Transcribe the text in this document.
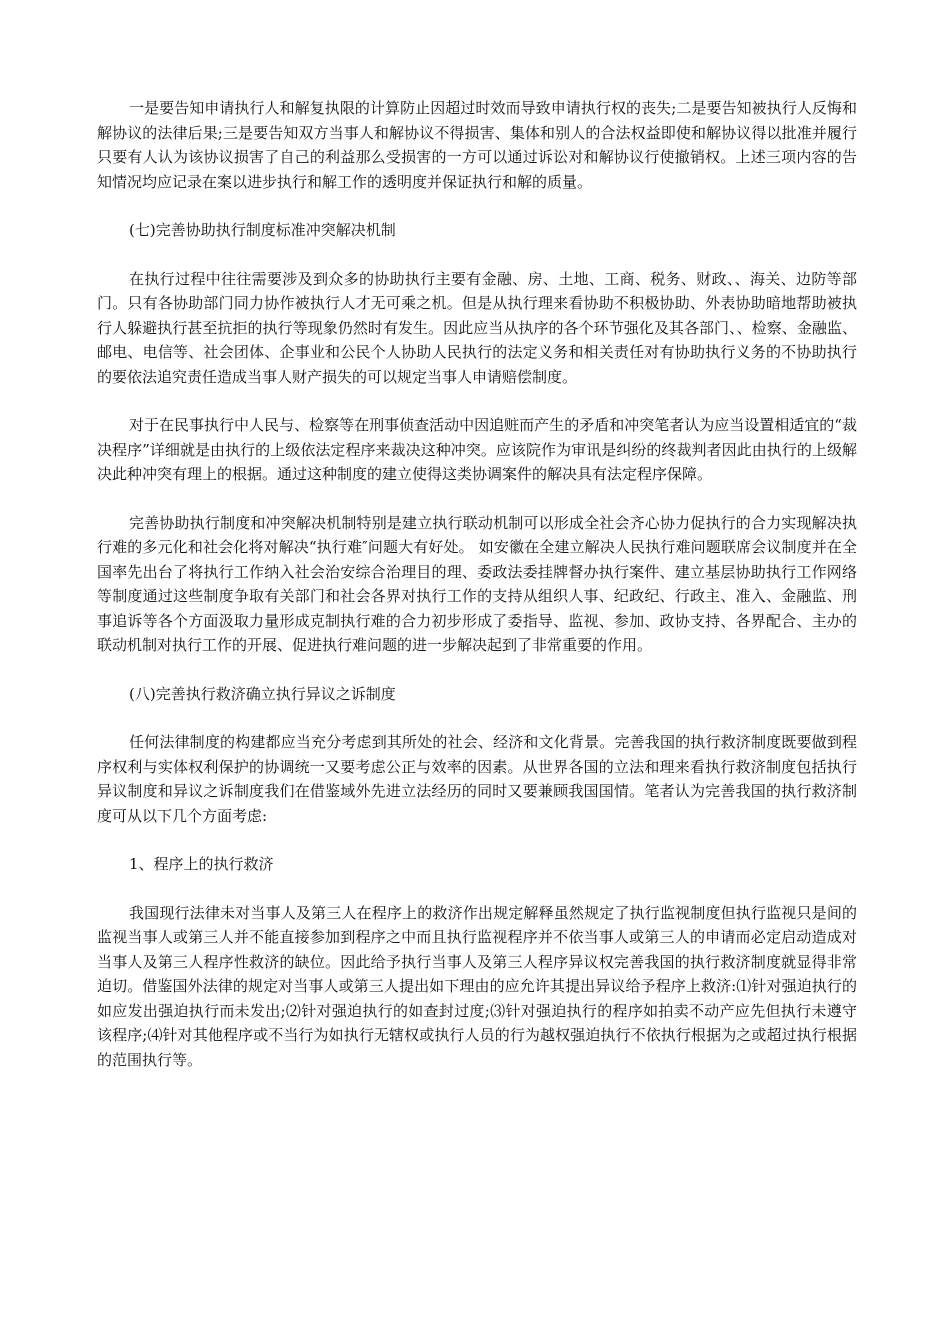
一是要告知申请执行人和解复执限的计算防止因超过时效而导致申请执行权的丧失;二是要告知被执行人反悔和解协议的法律后果;三是要告知双方当事人和解协议不得损害、集体和别人的合法权益即使和解协议得以批准并履行只要有人认为该协议损害了自己的利益那么受损害的一方可以通过诉讼对和解协议行使撤销权。上述三项内容的告知情况均应记录在案以进步执行和解工作的透明度并保证执行和解的质量。

(七)完善协助执行制度标准冲突解决机制

在执行过程中往往需要涉及到众多的协助执行主要有金融、房、土地、工商、税务、财政、、海关、边防等部门。只有各协助部门同力协作被执行人才无可乘之机。但是从执行理来看协助不积极协助、外表协助暗地帮助被执行人躲避执行甚至抗拒的执行等现象仍然时有发生。因此应当从执序的各个环节强化及其各部门、、检察、金融监、邮电、电信等、社会团体、企事业和公民个人协助人民执行的法定义务和相关责任对有协助执行义务的不协助执行的要依法追究责任造成当事人财产损失的可以规定当事人申请赔偿制度。

对于在民事执行中人民与、检察等在刑事侦查活动中因追赃而产生的矛盾和冲突笔者认为应当设置相适宜的“裁决程序”详细就是由执行的上级依法定程序来裁决这种冲突。应该院作为审讯是纠纷的终裁判者因此由执行的上级解决此种冲突有理上的根据。通过这种制度的建立使得这类协调案件的解决具有法定程序保障。

完善协助执行制度和冲突解决机制特别是建立执行联动机制可以形成全社会齐心协力促执行的合力实现解决执行难的多元化和社会化将对解决“执行难″问题大有好处。 如安徽在全建立解决人民执行难问题联席会议制度并在全国率先出台了将执行工作纳入社会治安综合治理目的理、委政法委挂牌督办执行案件、建立基层协助执行工作网络等制度通过这些制度争取有关部门和社会各界对执行工作的支持从组织人事、纪政纪、行政主、准入、金融监、刑事追诉等各个方面汲取力量形成克制执行难的合力初步形成了委指导、监视、参加、政协支持、各界配合、主办的联动机制对执行工作的开展、促进执行难问题的进一步解决起到了非常重要的作用。

(八)完善执行救济确立执行异议之诉制度

任何法律制度的构建都应当充分考虑到其所处的社会、经济和文化背景。完善我国的执行救济制度既要做到程序权利与实体权利保护的协调统一又要考虑公正与效率的因素。从世界各国的立法和理来看执行救济制度包括执行异议制度和异议之诉制度我们在借鉴域外先进立法经历的同时又要兼顾我国国情。笔者认为完善我国的执行救济制度可从以下几个方面考虑:

1、程序上的执行救济

我国现行法律未对当事人及第三人在程序上的救济作出规定解释虽然规定了执行监视制度但执行监视只是间的监视当事人或第三人并不能直接参加到程序之中而且执行监视程序并不依当事人或第三人的申请而必定启动造成对当事人及第三人程序性救济的缺位。因此给予执行当事人及第三人程序异议权完善我国的执行救济制度就显得非常迫切。借鉴国外法律的规定对当事人或第三人提出如下理由的应允许其提出异议给予程序上救济:⑴针对强迫执行的如应发出强迫执行而未发出;⑵针对强迫执行的如查封过度;⑶针对强迫执行的程序如拍卖不动产应先但执行未遵守该程序;⑷针对其他程序或不当行为如执行无辖权或执行人员的行为越权强迫执行不依执行根据为之或超过执行根据的范围执行等。
